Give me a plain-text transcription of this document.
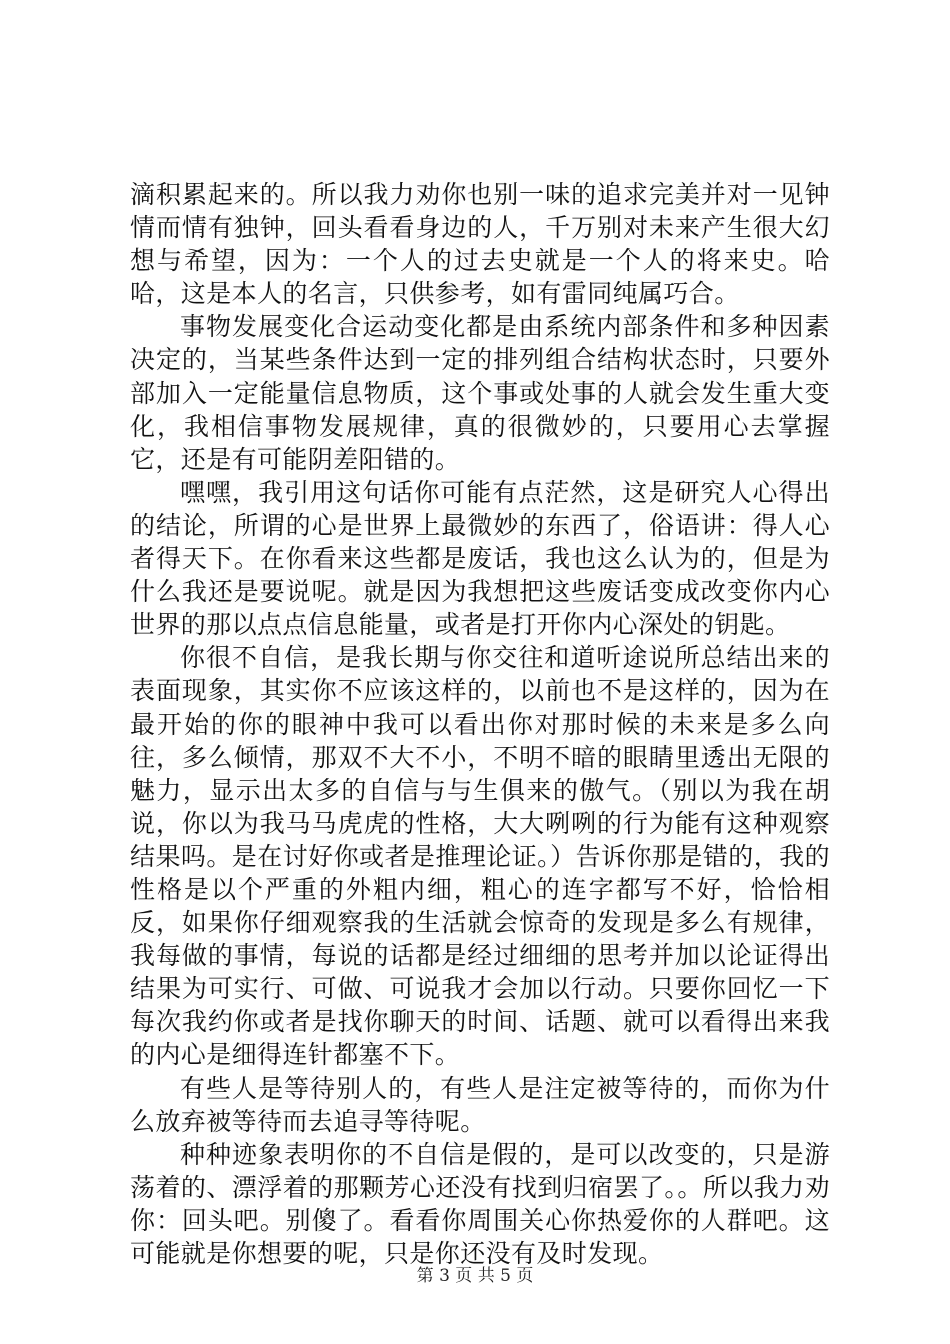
滴积累起来的。所以我力劝你也别一味的追求完美并对一见钟情而情有独钟，回头看看身边的人，千万别对未来产生很大幻想与希望，因为：一个人的过去史就是一个人的将来史。哈哈，这是本人的名言，只供参考，如有雷同纯属巧合。

事物发展变化合运动变化都是由系统内部条件和多种因素决定的，当某些条件达到一定的排列组合结构状态时，只要外部加入一定能量信息物质，这个事或处事的人就会发生重大变化，我相信事物发展规律，真的很微妙的，只要用心去掌握它，还是有可能阴差阳错的。

嘿嘿，我引用这句话你可能有点茫然，这是研究人心得出的结论，所谓的心是世界上最微妙的东西了，俗语讲：得人心者得天下。在你看来这些都是废话，我也这么认为的，但是为什么我还是要说呢。就是因为我想把这些废话变成改变你内心世界的那以点点信息能量，或者是打开你内心深处的钥匙。

你很不自信，是我长期与你交往和道听途说所总结出来的表面现象，其实你不应该这样的，以前也不是这样的，因为在最开始的你的眼神中我可以看出你对那时候的未来是多么向往，多么倾情，那双不大不小，不明不暗的眼睛里透出无限的魅力，显示出太多的自信与与生俱来的傲气。（别以为我在胡说，你以为我马马虎虎的性格，大大咧咧的行为能有这种观察结果吗。是在讨好你或者是推理论证。）告诉你那是错的，我的性格是以个严重的外粗内细，粗心的连字都写不好，恰恰相反，如果你仔细观察我的生活就会惊奇的发现是多么有规律，我每做的事情，每说的话都是经过细细的思考并加以论证得出结果为可实行、可做、可说我才会加以行动。只要你回忆一下每次我约你或者是找你聊天的时间、话题、就可以看得出来我的内心是细得连针都塞不下。

有些人是等待别人的，有些人是注定被等待的，而你为什么放弃被等待而去追寻等待呢。

种种迹象表明你的不自信是假的，是可以改变的，只是游荡着的、漂浮着的那颗芳心还没有找到归宿罢了。。所以我力劝你：回头吧。别傻了。看看你周围关心你热爱你的人群吧。这可能就是你想要的呢，只是你还没有及时发现。

第 3 页 共 5 页
